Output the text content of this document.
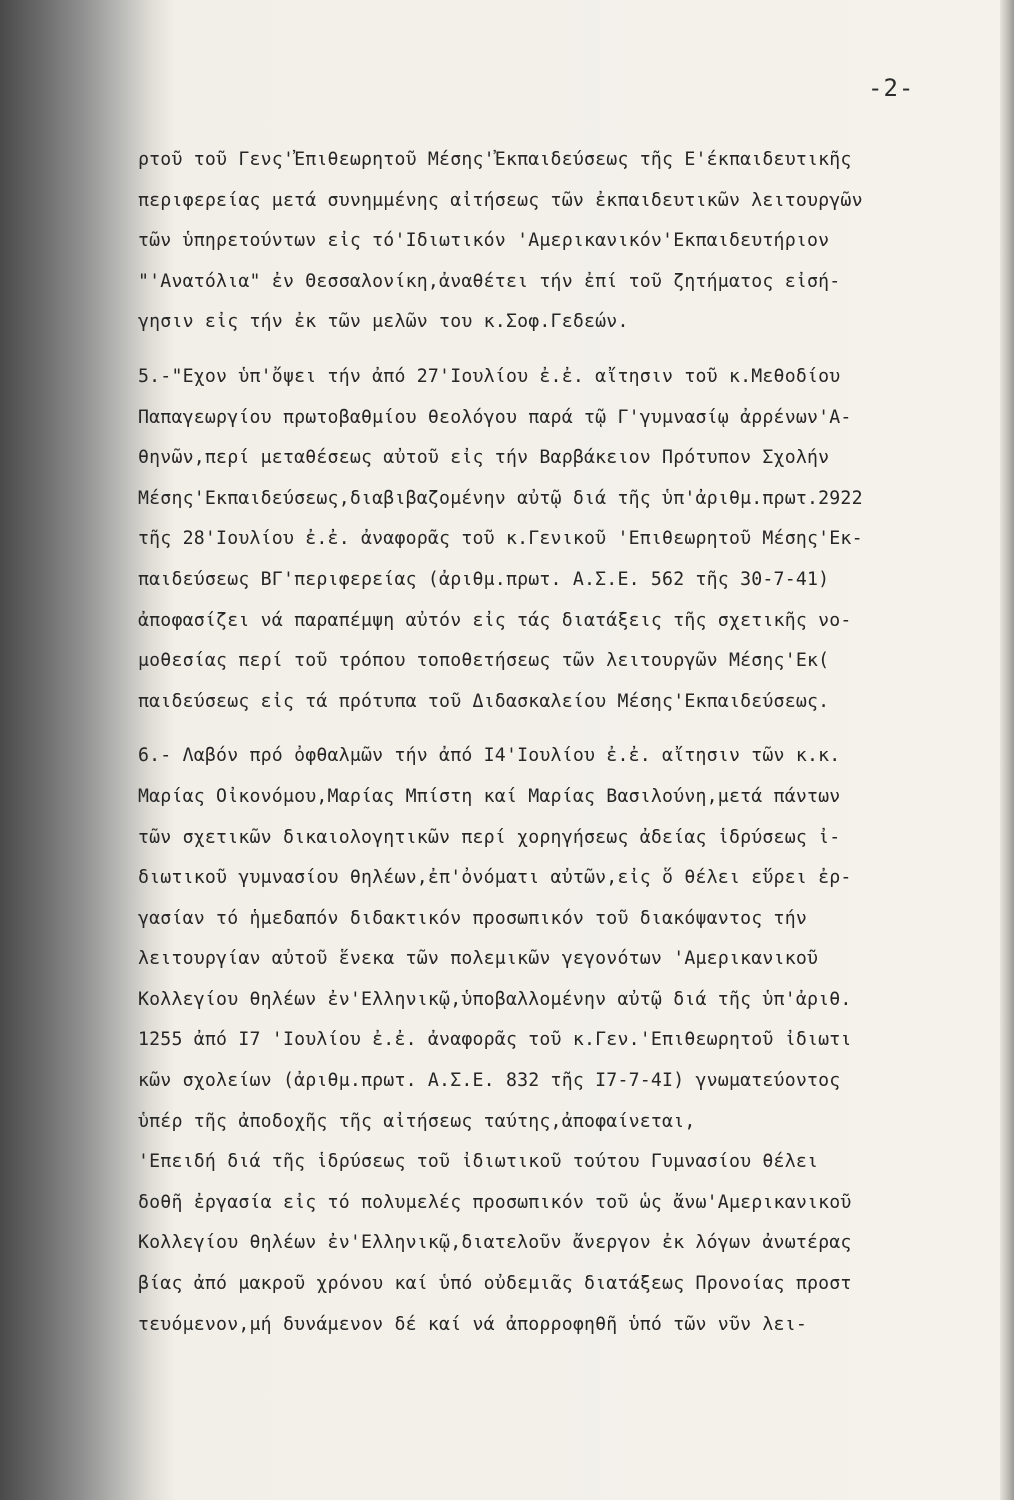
-2-
ρτοῦ τοῦ Γενς'Ἐπιθεωρητοῦ Μέσης'Ἐκπαιδεύσεως τῆς Ε'έκπαιδευτικῆς
περιφερείας μετά συνημμένης αἰτήσεως τῶν ἐκπαιδευτικῶν λειτουργῶν
τῶν ὑπηρετούντων εἰς τό'Ιδιωτικόν 'Αμερικανικόν'Εκπαιδευτήριον
"'Ανατόλια" ἐν Θεσσαλονίκη,ἀναθέτει τήν ἐπί τοῦ ζητήματος εἰσή-
γησιν εἰς τήν ἐκ τῶν μελῶν του κ.Σοφ.Γεδεών.
5.-"Εχον ὑπ'ὄψει τήν ἀπό 27'Ιουλίου ἐ.ἐ. αἴτησιν τοῦ κ.Μεθοδίου
Παπαγεωργίου πρωτοβαθμίου θεολόγου παρά τῷ Γ'γυμνασίῳ ἀρρένων'Α-
θηνῶν,περί μεταθέσεως αὐτοῦ εἰς τήν Βαρβάκειον Πρότυπον Σχολήν
Μέσης'Εκπαιδεύσεως,διαβιβαζομένην αὐτῷ διά τῆς ὑπ'ἀριθμ.πρωτ.2922
τῆς 28'Ιουλίου ἐ.ἐ. ἀναφορᾶς τοῦ κ.Γενικοῦ 'Επιθεωρητοῦ Μέσης'Εκ-
παιδεύσεως ΒΓ'περιφερείας (ἀριθμ.πρωτ. Α.Σ.Ε. 562 τῆς 30-7-41)
ἀποφασίζει νά παραπέμψη αὐτόν εἰς τάς διατάξεις τῆς σχετικῆς νο-
μοθεσίας περί τοῦ τρόπου τοποθετήσεως τῶν λειτουργῶν Μέσης'Εκ(
παιδεύσεως εἰς τά πρότυπα τοῦ Διδασκαλείου Μέσης'Εκπαιδεύσεως.
6.- Λαβόν πρό ὀφθαλμῶν τήν ἀπό Ι4'Ιουλίου ἐ.ἐ. αἴτησιν τῶν κ.κ.
Μαρίας Οἰκονόμου,Μαρίας Μπίστη καί Μαρίας Βασιλούνη,μετά πάντων
τῶν σχετικῶν δικαιολογητικῶν περί χορηγήσεως ἀδείας ἱδρύσεως ἰ-
διωτικοῦ γυμνασίου θηλέων,ἐπ'ὀνόματι αὐτῶν,εἰς ὅ θέλει εὕρει ἐρ-
γασίαν τό ἡμεδαπόν διδακτικόν προσωπικόν τοῦ διακόψαντος τήν
λειτουργίαν αὐτοῦ ἕνεκα τῶν πολεμικῶν γεγονότων 'Αμερικανικοῦ
Κολλεγίου θηλέων ἐν'Ελληνικῷ,ὑποβαλλομένην αὐτῷ διά τῆς ὑπ'ἀριθ.
1255 ἀπό Ι7 'Ιουλίου ἐ.ἐ. ἀναφορᾶς τοῦ κ.Γεν.'Επιθεωρητοῦ ἰδιωτι
κῶν σχολείων (ἀριθμ.πρωτ. Α.Σ.Ε. 832 τῆς Ι7-7-4Ι) γνωματεύοντος
ὑπέρ τῆς ἀποδοχῆς τῆς αἰτήσεως ταύτης,ἀποφαίνεται,
'Επειδή διά τῆς ἱδρύσεως τοῦ ἰδιωτικοῦ τούτου Γυμνασίου θέλει
δοθῆ ἐργασία εἰς τό πολυμελές προσωπικόν τοῦ ὡς ἄνω'Αμερικανικοῦ
Κολλεγίου θηλέων ἐν'Ελληνικῷ,διατελοῦν ἄνεργον ἐκ λόγων ἀνωτέρας
βίας ἀπό μακροῦ χρόνου καί ὑπό οὐδεμιᾶς διατάξεως Προνοίας προστ
τευόμενον,μή δυνάμενον δέ καί νά ἀπορροφηθῆ ὑπό τῶν νῦν λει-
